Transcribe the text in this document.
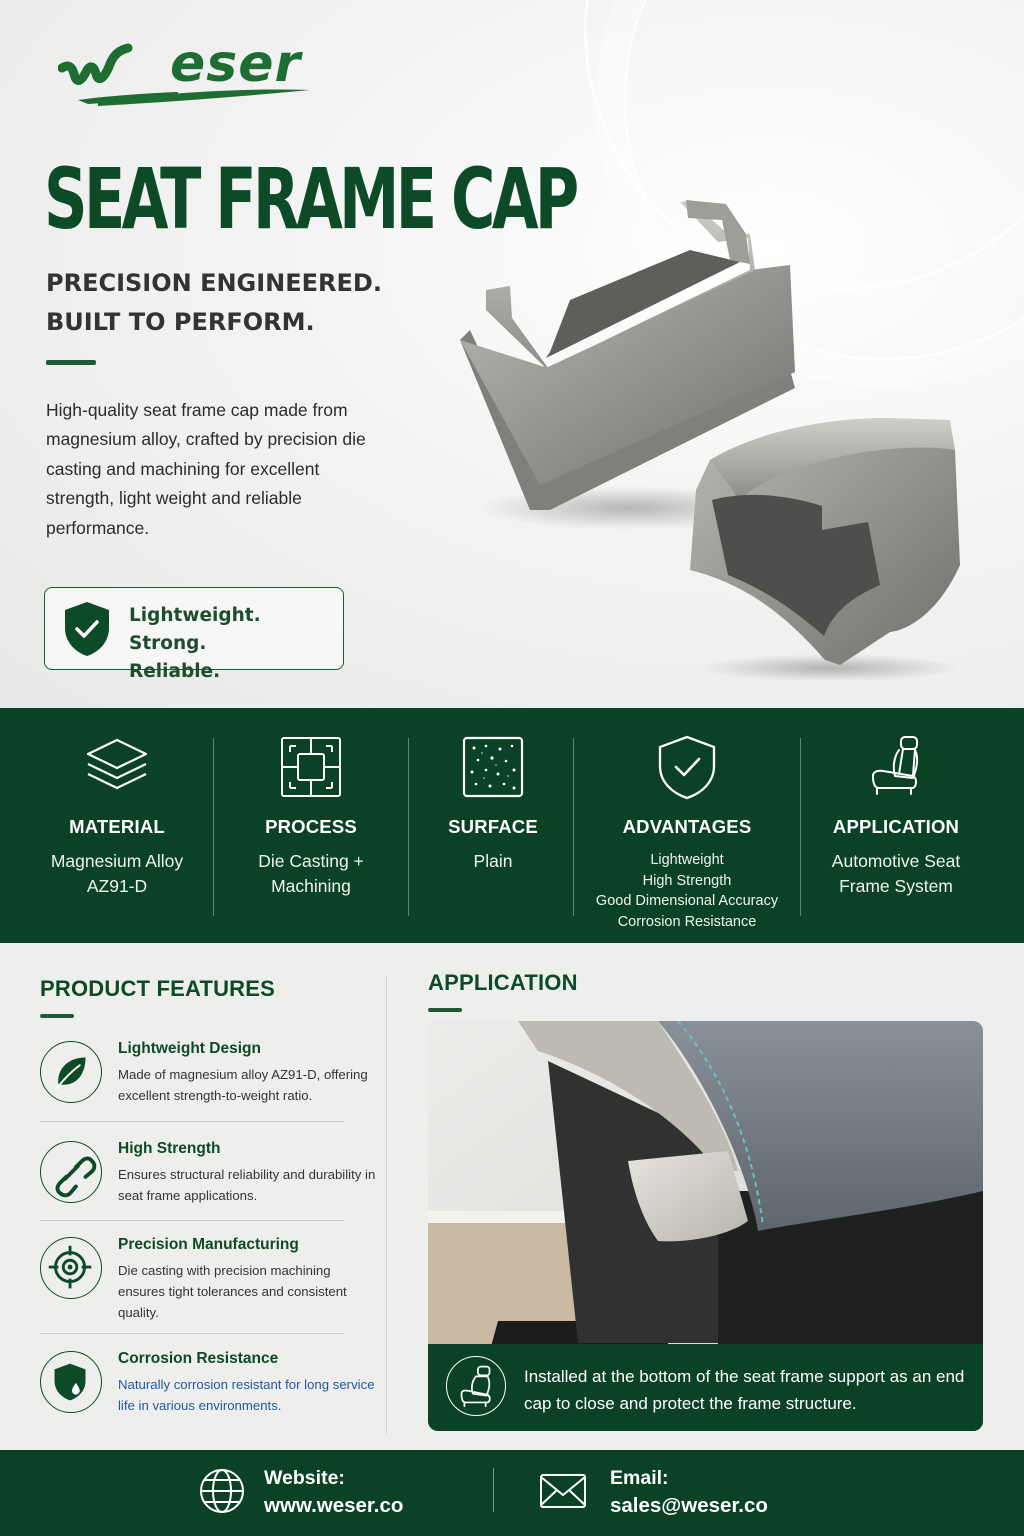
eser
SEAT FRAME CAP
PRECISION ENGINEERED.
BUILT TO PERFORM.

High-quality seat frame cap made from magnesium alloy, crafted by precision die casting and machining for excellent strength, light weight and reliable performance.

Lightweight. Strong.
Reliable.
MATERIAL
Magnesium Alloy
AZ91-D
PROCESS
Die Casting +
Machining
SURFACE
Plain
ADVANTAGES
Lightweight
High Strength
Good Dimensional Accuracy
Corrosion Resistance
APPLICATION
Automotive Seat
Frame System
PRODUCT FEATURES
Lightweight Design
Made of magnesium alloy AZ91-D, offering excellent strength-to-weight ratio.
High Strength
Ensures structural reliability and durability in seat frame applications.
Precision Manufacturing
Die casting with precision machining ensures tight tolerances and consistent quality.
Corrosion Resistance
Naturally corrosion resistant for long service life in various environments.
APPLICATION
Installed at the bottom of the seat frame support as an end cap to close and protect the frame structure.
Website:
www.weser.co
Email:
sales@weser.co
